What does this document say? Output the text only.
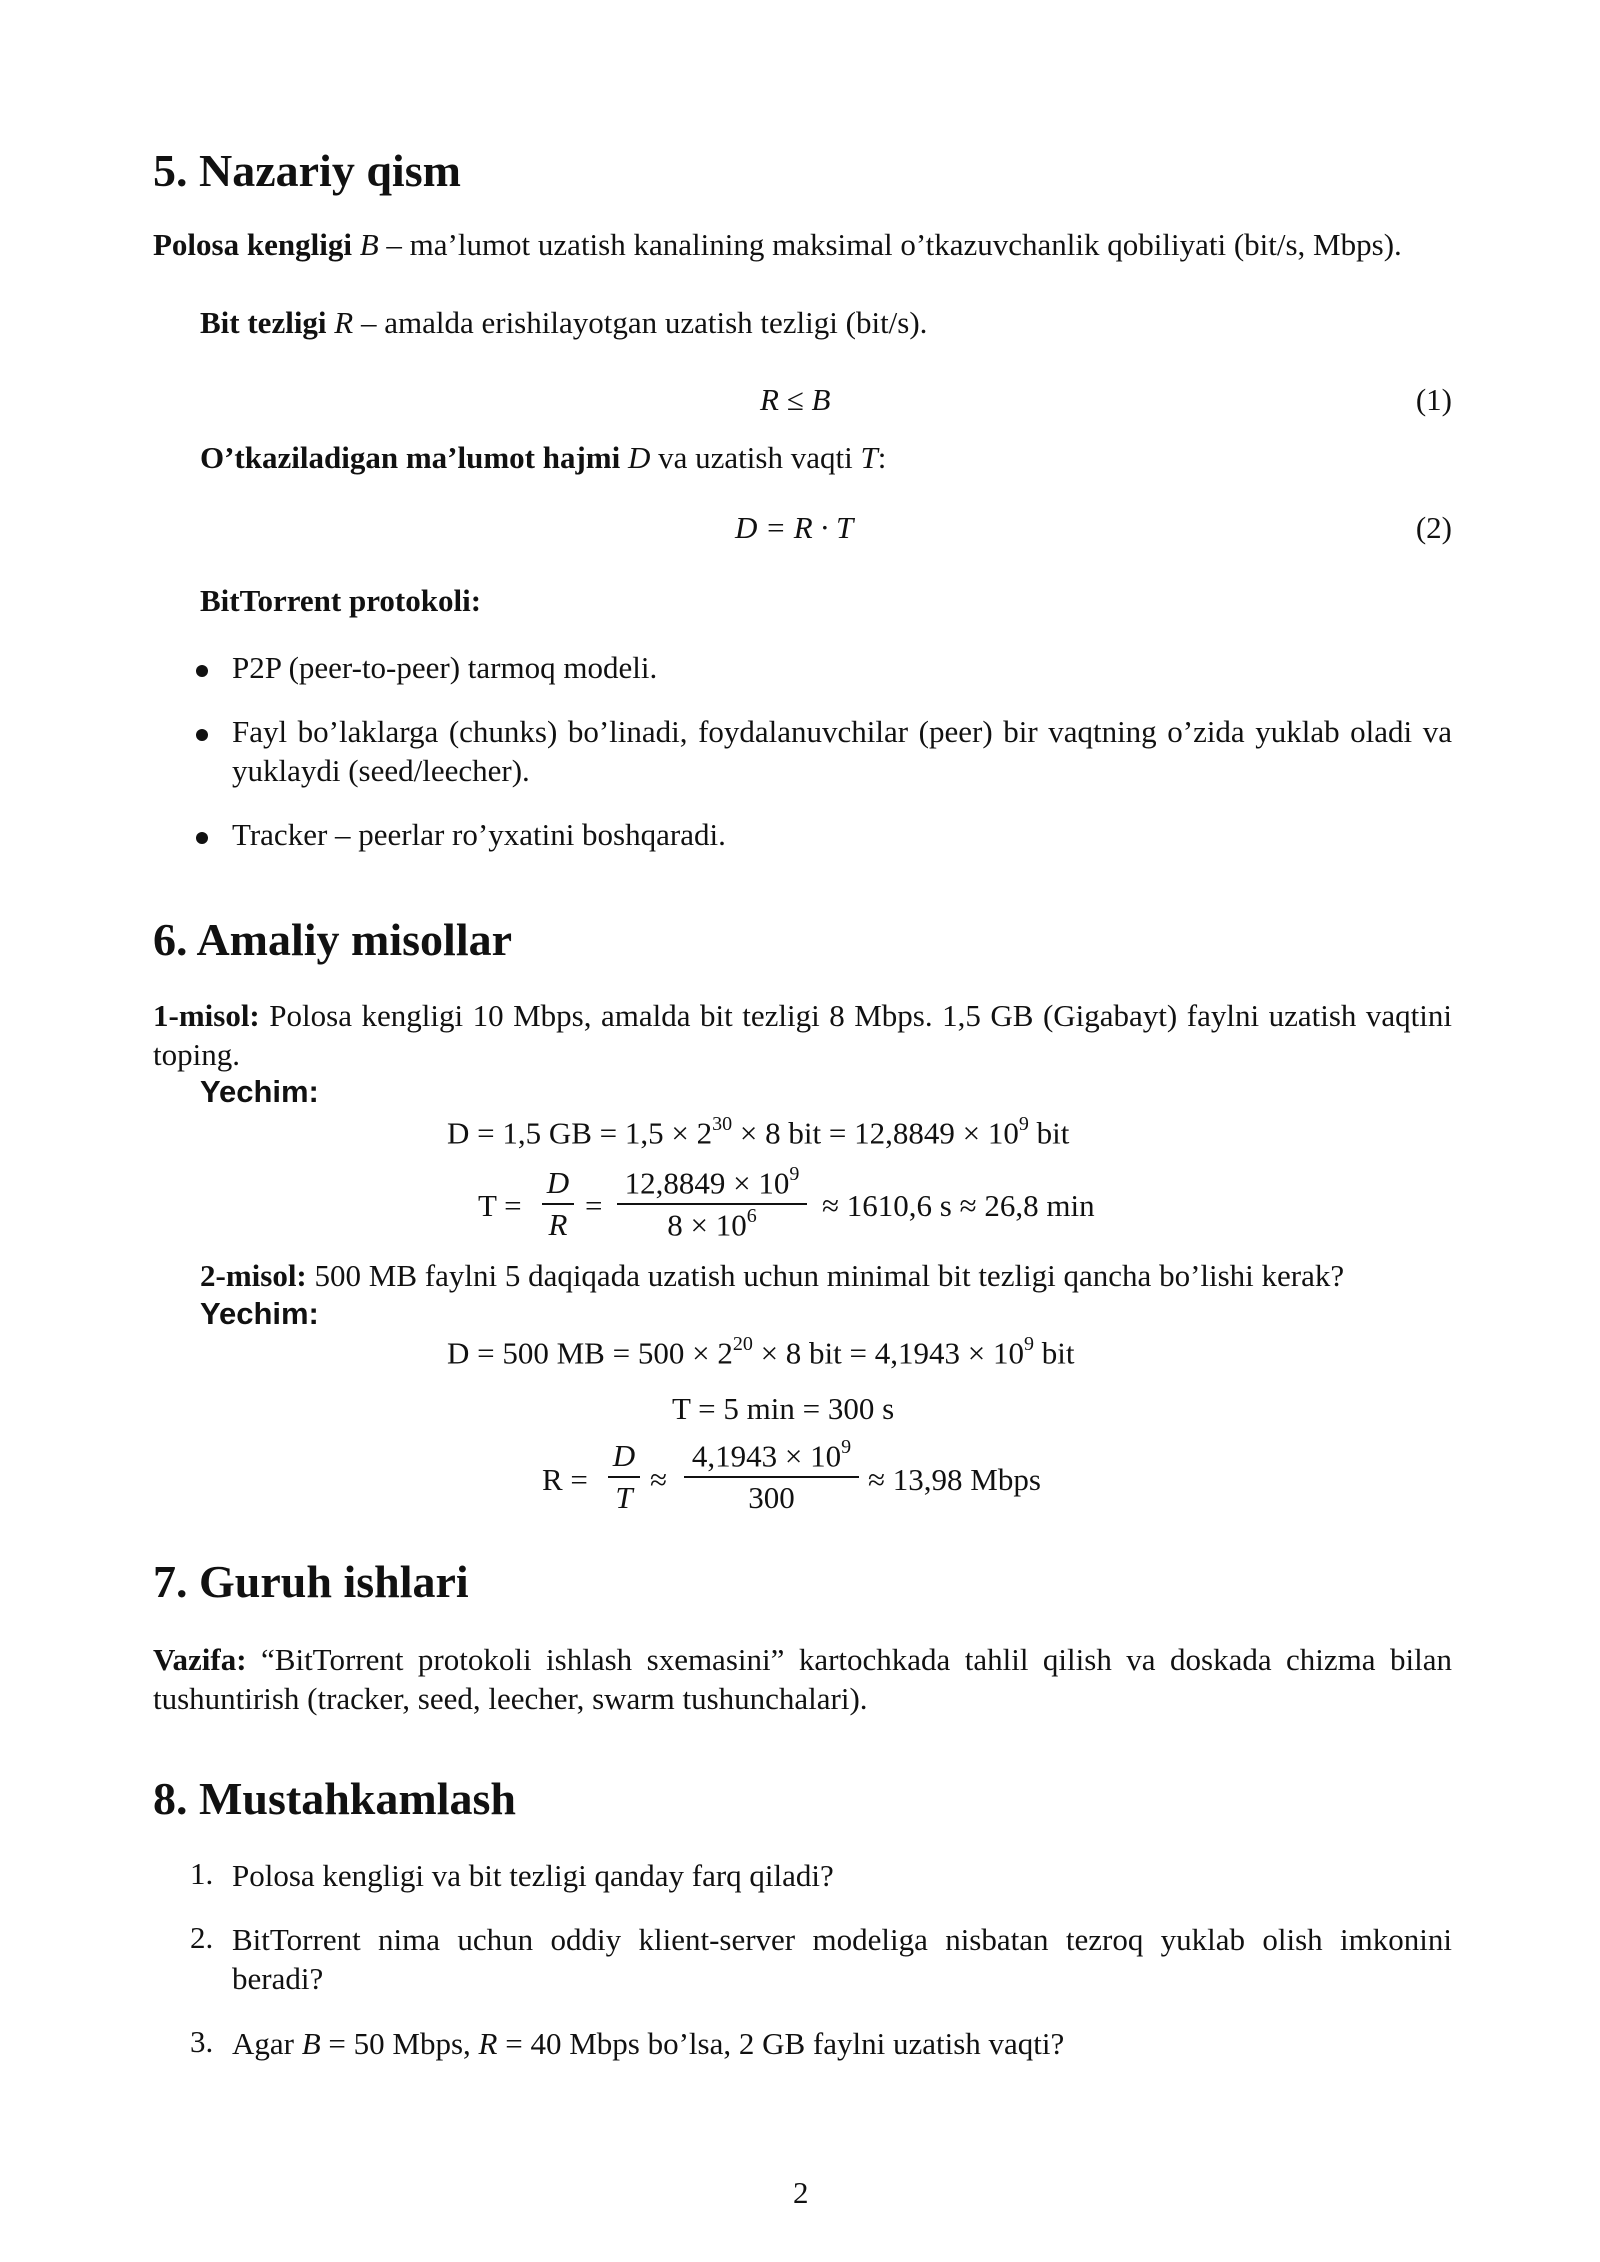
5. Nazariy qism
Polosa kengligi B – ma’lumot uzatish kanalining maksimal o’tkazuvchanlik qobiliyati (bit/s, Mbps).
Bit tezligi R – amalda erishilayotgan uzatish tezligi (bit/s).
R ≤ B	(1)
O’tkaziladigan ma’lumot hajmi D va uzatish vaqti T:
D = R · T	(2)
BitTorrent protokoli:
P2P (peer-to-peer) tarmoq modeli.
Fayl bo’laklarga (chunks) bo’linadi, foydalanuvchilar (peer) bir vaqtning o’zida yuklab oladi va yuklaydi (seed/leecher).
Tracker – peerlar ro’yxatini boshqaradi.
6. Amaliy misollar
1-misol: Polosa kengligi 10 Mbps, amalda bit tezligi 8 Mbps. 1,5 GB (Gigabayt) faylni uzatish vaqtini toping.
Yechim:
D = 1,5 GB = $1,5 \times 2^{30} \times 8$ bit = $12,8849 \times 10^9$ bit
T =
D
R
=
$12,8849 \times 10^9$
$8 \times 10^6$	≈ 1610,6 s ≈ 26,8 min
2-misol: 500 MB faylni 5 daqiqada uzatish uchun minimal bit tezligi qancha bo’lishi kerak?
Yechim:
D = 500 MB = $500 \times 2^{20} \times 8$ bit = $4,1943 \times 10^9$ bit
T = 5 min = 300 s
R =
D
T
≈
$4,1943 \times 10^9$
300
≈ 13,98 Mbps
7. Guruh ishlari
Vazifa: “BitTorrent protokoli ishlash sxemasini” kartochkada tahlil qilish va doskada chizma bilan tushuntirish (tracker, seed, leecher, swarm tushunchalari).
8. Mustahkamlash
1. Polosa kengligi va bit tezligi qanday farq qiladi?
2. BitTorrent nima uchun oddiy klient-server modeliga nisbatan tezroq yuklab olish imkonini beradi?
3. Agar B = 50 Mbps, R = 40 Mbps bo’lsa, 2 GB faylni uzatish vaqti?
2
